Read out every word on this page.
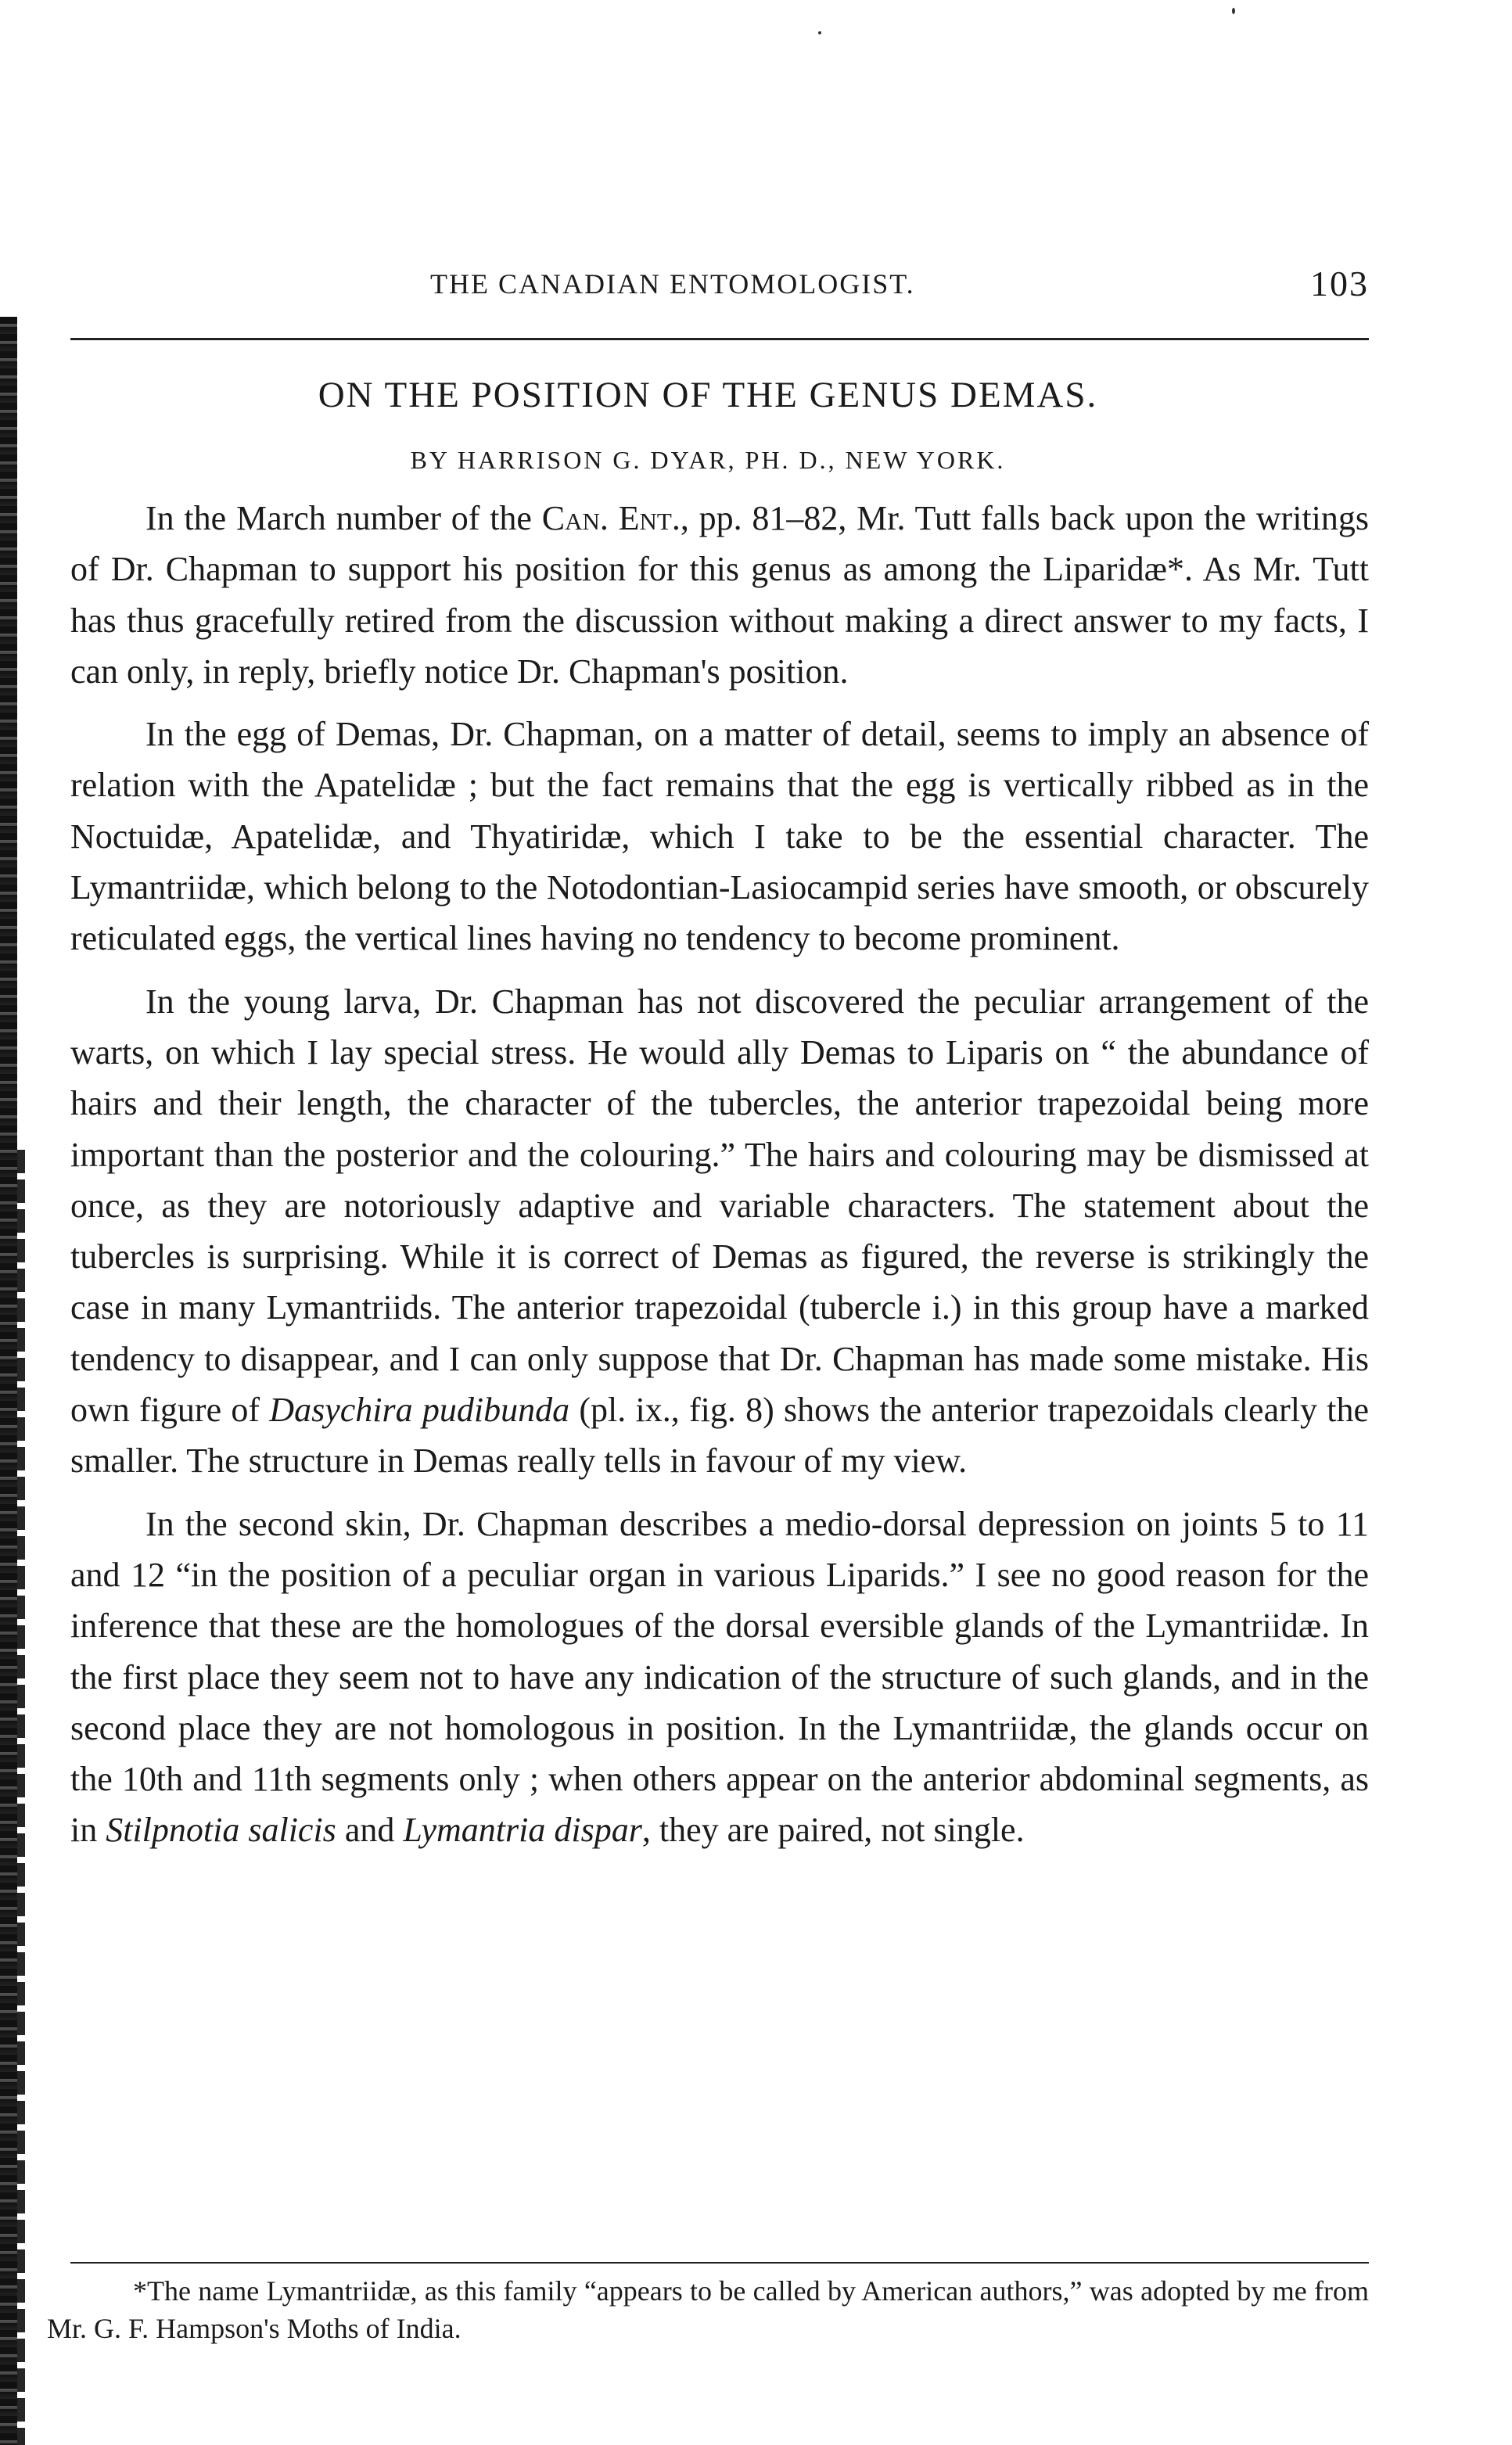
THE CANADIAN ENTOMOLOGIST.	103
ON THE POSITION OF THE GENUS DEMAS.
BY HARRISON G. DYAR, PH. D., NEW YORK.

In the March number of the Can. Ent., pp. 81–82, Mr. Tutt falls back upon the writings of Dr. Chapman to support his position for this genus as among the Liparidæ*. As Mr. Tutt has thus gracefully retired from the discussion without making a direct answer to my facts, I can only, in reply, briefly notice Dr. Chapman's position.

In the egg of Demas, Dr. Chapman, on a matter of detail, seems to imply an absence of relation with the Apatelidæ ; but the fact remains that the egg is vertically ribbed as in the Noctuidæ, Apatelidæ, and Thyatiridæ, which I take to be the essential character. The Lymantriidæ, which belong to the Notodontian-Lasiocampid series have smooth, or obscurely reticulated eggs, the vertical lines having no tendency to become prominent.

In the young larva, Dr. Chapman has not discovered the peculiar arrangement of the warts, on which I lay special stress. He would ally Demas to Liparis on “ the abundance of hairs and their length, the character of the tubercles, the anterior trapezoidal being more important than the posterior and the colouring.” The hairs and colouring may be dismissed at once, as they are notoriously adaptive and variable characters. The statement about the tubercles is surprising. While it is correct of Demas as figured, the reverse is strikingly the case in many Lymantriids. The anterior trapezoidal (tubercle i.) in this group have a marked tendency to disappear, and I can only suppose that Dr. Chapman has made some mistake. His own figure of Dasychira pudibunda (pl. ix., fig. 8) shows the anterior trapezoidals clearly the smaller. The structure in Demas really tells in favour of my view.

In the second skin, Dr. Chapman describes a medio-dorsal depression on joints 5 to 11 and 12 “in the position of a peculiar organ in various Liparids.” I see no good reason for the inference that these are the homologues of the dorsal eversible glands of the Lymantriidæ. In the first place they seem not to have any indication of the structure of such glands, and in the second place they are not homologous in position. In the Lymantriidæ, the glands occur on the 10th and 11th segments only ; when others appear on the anterior abdominal segments, as in Stilpnotia salicis and Lymantria dispar, they are paired, not single.

*The name Lymantriidæ, as this family “appears to be called by American authors,” was adopted by me from Mr. G. F. Hampson's Moths of India.
